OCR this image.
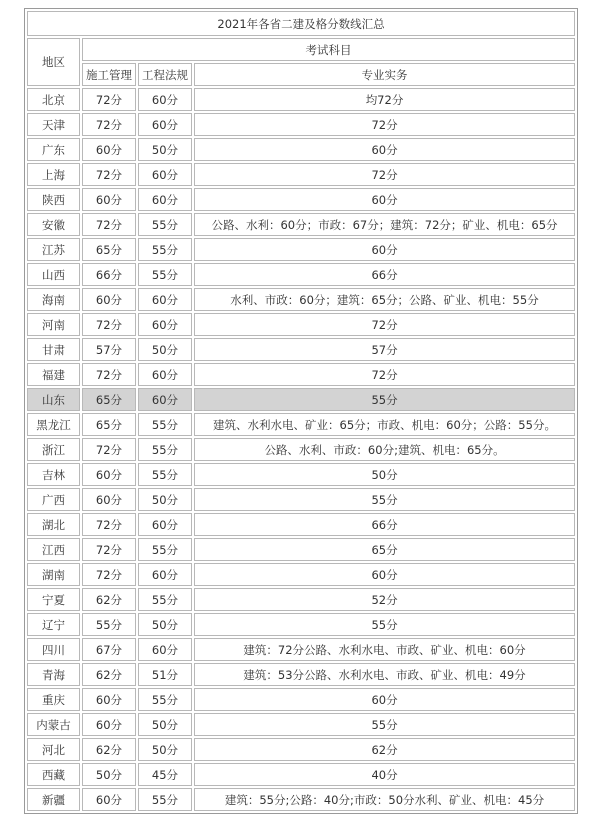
2021年各省二建及格分数线汇总			
地区	考试科目		
	施工管理	工程法规	专业实务
北京	72分	60分	均72分
天津	72分	60分	72分
广东	60分	50分	60分
上海	72分	60分	72分
陕西	60分	60分	60分
安徽	72分	55分	公路、水利：60分；市政：67分；建筑：72分；矿业、机电：65分
江苏	65分	55分	60分
山西	66分	55分	66分
海南	60分	60分	水利、市政：60分；建筑：65分；公路、矿业、机电：55分
河南	72分	60分	72分
甘肃	57分	50分	57分
福建	72分	60分	72分
山东	65分	60分	55分
黑龙江	65分	55分	建筑、水利水电、矿业：65分；市政、机电：60分；公路：55分。
浙江	72分	55分	公路、水利、市政：60分;建筑、机电：65分。
吉林	60分	55分	50分
广西	60分	50分	55分
湖北	72分	60分	66分
江西	72分	55分	65分
湖南	72分	60分	60分
宁夏	62分	55分	52分
辽宁	55分	50分	55分
四川	67分	60分	建筑：72分公路、水利水电、市政、矿业、机电：60分
青海	62分	51分	建筑：53分公路、水利水电、市政、矿业、机电：49分
重庆	60分	55分	60分
内蒙古	60分	50分	55分
河北	62分	50分	62分
西藏	50分	45分	40分
新疆	60分	55分	建筑：55分;公路：40分;市政：50分水利、矿业、机电：45分
